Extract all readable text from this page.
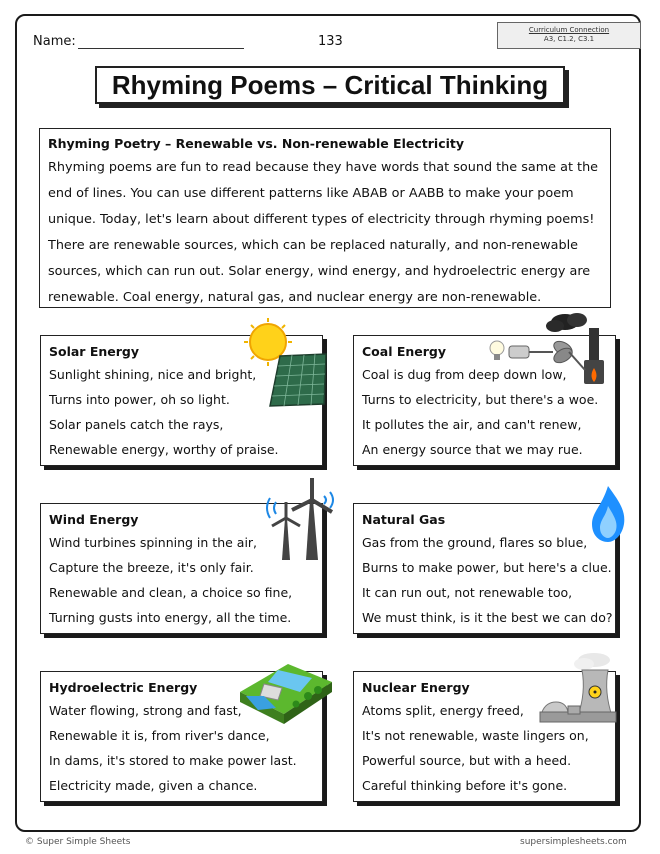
Name:	133
Curriculum Connection
A3, C1.2, C3.1
Rhyming Poems – Critical Thinking
Rhyming Poetry – Renewable vs. Non-renewable Electricity
Rhyming poems are fun to read because they have words that sound the same at the end of lines. You can use different patterns like ABAB or AABB to make your poem unique. Today, let's learn about different types of electricity through rhyming poems! There are renewable sources, which can be replaced naturally, and non-renewable sources, which can run out. Solar energy, wind energy, and hydroelectric energy are renewable. Coal energy, natural gas, and nuclear energy are non-renewable.
Solar Energy
Sunlight shining, nice and bright,
Turns into power, oh so light.
Solar panels catch the rays,
Renewable energy, worthy of praise.
Coal Energy
Coal is dug from deep down low,
Turns to electricity, but there's a woe.
It pollutes the air, and can't renew,
An energy source that we may rue.
Wind Energy
Wind turbines spinning in the air,
Capture the breeze, it's only fair.
Renewable and clean, a choice so fine,
Turning gusts into energy, all the time.
Natural Gas
Gas from the ground, flares so blue,
Burns to make power, but here's a clue.
It can run out, not renewable too,
We must think, is it the best we can do?
Hydroelectric Energy
Water flowing, strong and fast,
Renewable it is, from river's dance,
In dams, it's stored to make power last.
Electricity made, given a chance.
Nuclear Energy
Atoms split, energy freed,
It's not renewable, waste lingers on,
Powerful source, but with a heed.
Careful thinking before it's gone.
© Super Simple Sheets	supersimplesheets.com
